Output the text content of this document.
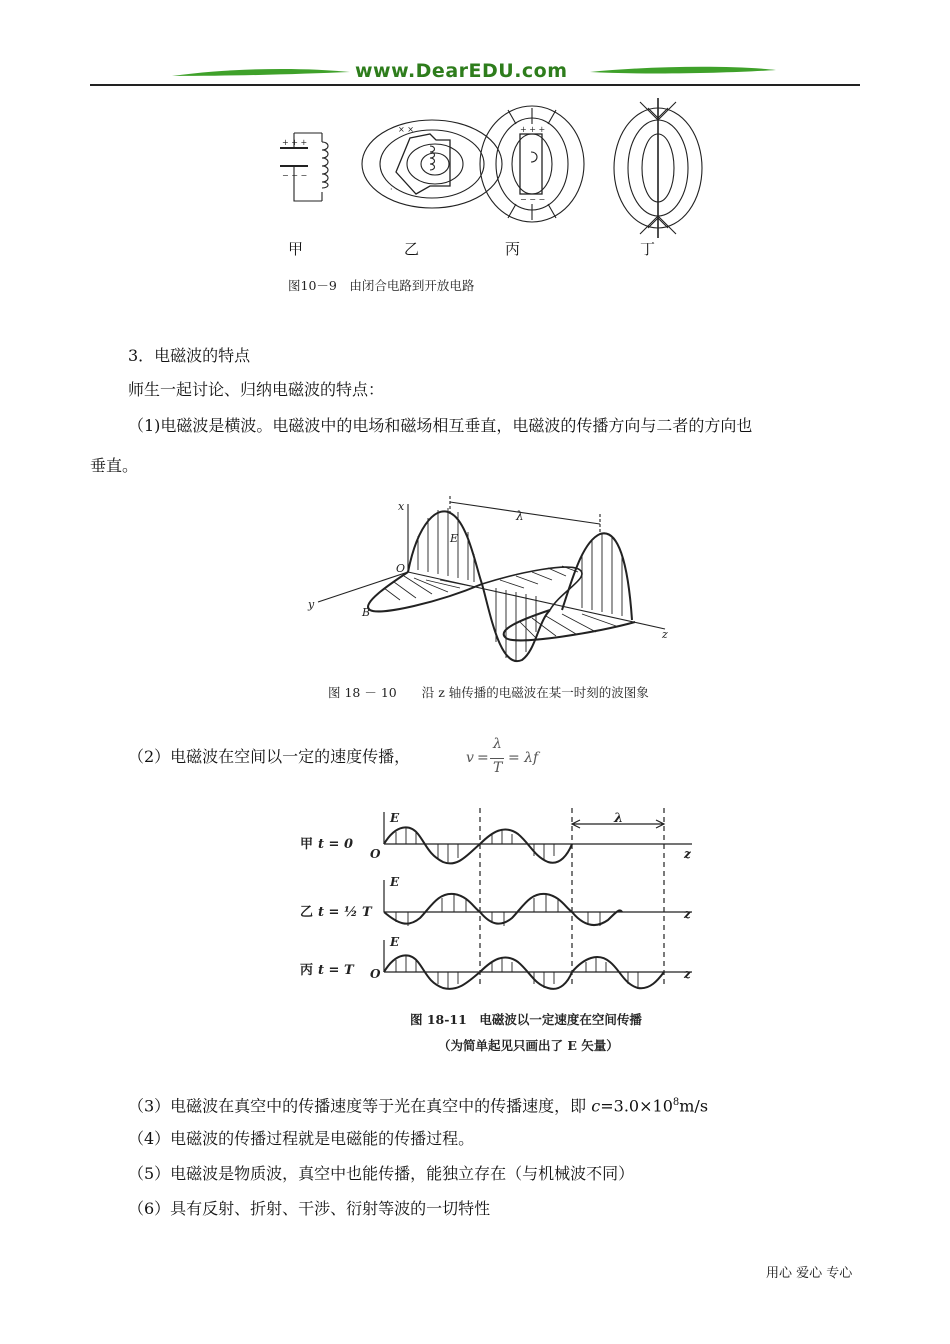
www.DearEDU.com
+ + +
− − −
× ×
· ·
+ + +
− − −
甲	乙	丙	丁
图10－9　由闭合电路到开放电路
3．电磁波的特点
师生一起讨论、归纳电磁波的特点：
（1)电磁波是横波。电磁波中的电场和磁场相互垂直，电磁波的传播方向与二者的方向也
垂直。
x
y
z
O
E
B
λ
图 18 － 10　　沿 z 轴传播的电磁波在某一时刻的波图象
（2）电磁波在空间以一定的速度传播，	v =
λ
T
= λf
甲 t = 0
乙 t = ½ T
丙 t = T
E
E
E
O
O
z
z
z
λ
图 18-11　电磁波以一定速度在空间传播
（为简单起见只画出了 E 矢量）
（3）电磁波在真空中的传播速度等于光在真空中的传播速度，即 $c=3.0\times 10^8m/s$
（4）电磁波的传播过程就是电磁能的传播过程。
（5）电磁波是物质波，真空中也能传播，能独立存在（与机械波不同）
（6）具有反射、折射、干涉、衍射等波的一切特性
用心 爱心 专心
